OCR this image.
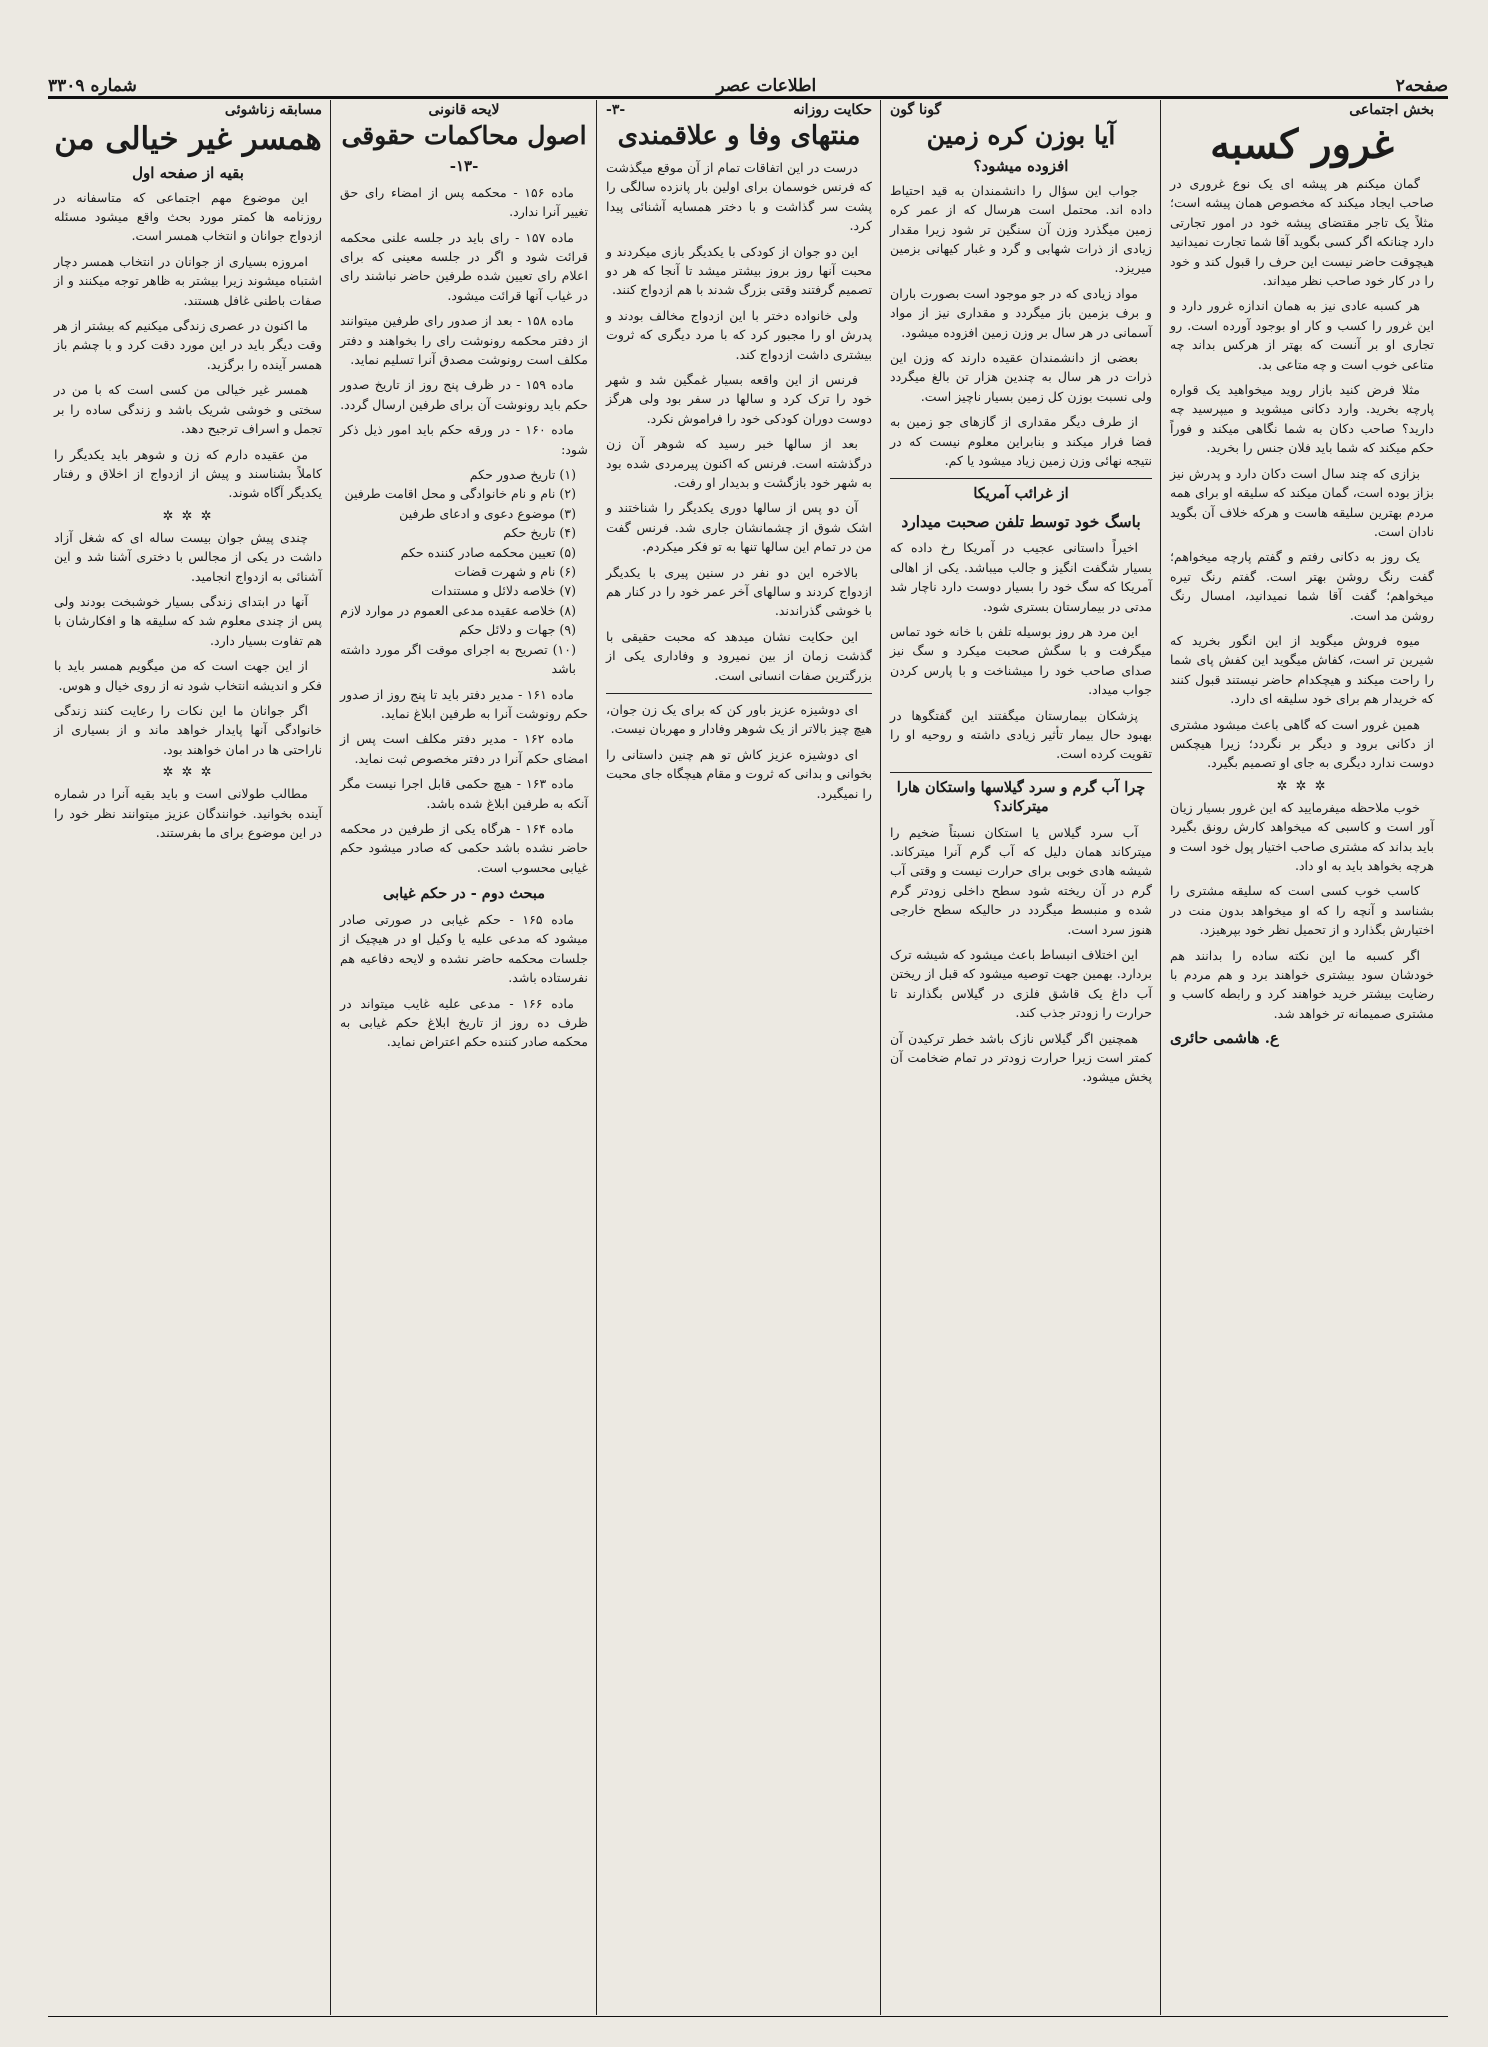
صفحه۲
اطلاعات عصر
شماره ۳۳۰۹
بخش اجتماعی
غرور کسبه

گمان میکنم هر پیشه ای یک نوع غروری در صاحب ایجاد میکند که مخصوص همان پیشه است؛ مثلاً یک تاجر مقتضای پیشه خود در امور تجارتی دارد چنانکه اگر کسی بگوید آقا شما تجارت نمیدانید هیچوقت حاضر نیست این حرف را قبول کند و خود را در کار خود صاحب نظر میداند.

هر کسبه عادی نیز به همان اندازه غرور دارد و این غرور را کسب و کار او بوجود آورده است. رو تجاری او بر آنست که بهتر از هرکس بداند چه متاعی خوب است و چه متاعی بد.

مثلا فرض کنید بازار روید میخواهید یک قواره پارچه بخرید. وارد دکانی میشوید و میپرسید چه دارید؟ صاحب دکان به شما نگاهی میکند و فوراً حکم میکند که شما باید فلان جنس را بخرید.

بزازی که چند سال است دکان دارد و پدرش نیز بزاز بوده است، گمان میکند که سلیقه او برای همه مردم بهترین سلیقه هاست و هرکه خلاف آن بگوید نادان است.

یک روز به دکانی رفتم و گفتم پارچه میخواهم؛ گفت رنگ روشن بهتر است. گفتم رنگ تیره میخواهم؛ گفت آقا شما نمیدانید، امسال رنگ روشن مد است.

میوه فروش میگوید از این انگور بخرید که شیرین تر است، کفاش میگوید این کفش پای شما را راحت میکند و هیچکدام حاضر نیستند قبول کنند که خریدار هم برای خود سلیقه ای دارد.

همین غرور است که گاهی باعث میشود مشتری از دکانی برود و دیگر بر نگردد؛ زیرا هیچکس دوست ندارد دیگری به جای او تصمیم بگیرد.

✲ ✲ ✲

خوب ملاحظه میفرمایید که این غرور بسیار زیان آور است و کاسبی که میخواهد کارش رونق بگیرد باید بداند که مشتری صاحب اختیار پول خود است و هرچه بخواهد باید به او داد.

کاسب خوب کسی است که سلیقه مشتری را بشناسد و آنچه را که او میخواهد بدون منت در اختیارش بگذارد و از تحمیل نظر خود بپرهیزد.

اگر کسبه ما این نکته ساده را بدانند هم خودشان سود بیشتری خواهند برد و هم مردم با رضایت بیشتر خرید خواهند کرد و رابطه کاسب و مشتری صمیمانه تر خواهد شد.

ع. هاشمی حائری
گونا گون
آیا بوزن کره زمین
افزوده میشود؟

جواب این سؤال را دانشمندان به قید احتیاط داده اند. محتمل است هرسال که از عمر کره زمین میگذرد وزن آن سنگین تر شود زیرا مقدار زیادی از ذرات شهابی و گرد و غبار کیهانی بزمین میریزد.

مواد زیادی که در جو موجود است بصورت باران و برف بزمین باز میگردد و مقداری نیز از مواد آسمانی در هر سال بر وزن زمین افزوده میشود.

بعضی از دانشمندان عقیده دارند که وزن این ذرات در هر سال به چندین هزار تن بالغ میگردد ولی نسبت بوزن کل زمین بسیار ناچیز است.

از طرف دیگر مقداری از گازهای جو زمین به فضا فرار میکند و بنابراین معلوم نیست که در نتیجه نهائی وزن زمین زیاد میشود یا کم.

از غرائب آمریکا
باسگ خود توسط تلفن صحبت میدارد

اخیراً داستانی عجیب در آمریکا رخ داده که بسیار شگفت انگیز و جالب میباشد. یکی از اهالی آمریکا که سگ خود را بسیار دوست دارد ناچار شد مدتی در بیمارستان بستری شود.

این مرد هر روز بوسیله تلفن با خانه خود تماس میگرفت و با سگش صحبت میکرد و سگ نیز صدای صاحب خود را میشناخت و با پارس کردن جواب میداد.

پزشکان بیمارستان میگفتند این گفتگوها در بهبود حال بیمار تأثیر زیادی داشته و روحیه او را تقویت کرده است.

چرا آب گرم و سرد گیلاسها واستکان هارا میترکاند؟

آب سرد گیلاس یا استکان نسبتاً ضخیم را میترکاند همان دلیل که آب گرم آنرا میترکاند. شیشه هادی خوبی برای حرارت نیست و وقتی آب گرم در آن ریخته شود سطح داخلی زودتر گرم شده و منبسط میگردد در حالیکه سطح خارجی هنوز سرد است.

این اختلاف انبساط باعث میشود که شیشه ترک بردارد. بهمین جهت توصیه میشود که قبل از ریختن آب داغ یک قاشق فلزی در گیلاس بگذارند تا حرارت را زودتر جذب کند.

همچنین اگر گیلاس نازک باشد خطر ترکیدن آن کمتر است زیرا حرارت زودتر در تمام ضخامت آن پخش میشود.

حکایت روزانه
-۳-
منتهای وفا و علاقمندی

درست در این اتفاقات تمام از آن موقع میگذشت که فرنس خوسمان برای اولین بار پانزده سالگی را پشت سر گذاشت و با دختر همسایه آشنائی پیدا کرد.

این دو جوان از کودکی با یکدیگر بازی میکردند و محبت آنها روز بروز بیشتر میشد تا آنجا که هر دو تصمیم گرفتند وقتی بزرگ شدند با هم ازدواج کنند.

ولی خانواده دختر با این ازدواج مخالف بودند و پدرش او را مجبور کرد که با مرد دیگری که ثروت بیشتری داشت ازدواج کند.

فرنس از این واقعه بسیار غمگین شد و شهر خود را ترک کرد و سالها در سفر بود ولی هرگز دوست دوران کودکی خود را فراموش نکرد.

بعد از سالها خبر رسید که شوهر آن زن درگذشته است. فرنس که اکنون پیرمردی شده بود به شهر خود بازگشت و بدیدار او رفت.

آن دو پس از سالها دوری یکدیگر را شناختند و اشک شوق از چشمانشان جاری شد. فرنس گفت من در تمام این سالها تنها به تو فکر میکردم.

بالاخره این دو نفر در سنین پیری با یکدیگر ازدواج کردند و سالهای آخر عمر خود را در کنار هم با خوشی گذراندند.

این حکایت نشان میدهد که محبت حقیقی با گذشت زمان از بین نمیرود و وفاداری یکی از بزرگترین صفات انسانی است.

ای دوشیزه عزیز باور کن که برای یک زن جوان، هیچ چیز بالاتر از یک شوهر وفادار و مهربان نیست.

ای دوشیزه عزیز کاش تو هم چنین داستانی را بخوانی و بدانی که ثروت و مقام هیچگاه جای محبت را نمیگیرد.

لایحه قانونی
اصول محاکمات حقوقی
-۱۳-

ماده ۱۵۶ - محکمه پس از امضاء رای حق تغییر آنرا ندارد.

ماده ۱۵۷ - رای باید در جلسه علنی محکمه قرائت شود و اگر در جلسه معینی که برای اعلام رای تعیین شده طرفین حاضر نباشند رای در غیاب آنها قرائت میشود.

ماده ۱۵۸ - بعد از صدور رای طرفین میتوانند از دفتر محکمه رونوشت رای را بخواهند و دفتر مکلف است رونوشت مصدق آنرا تسلیم نماید.

ماده ۱۵۹ - در ظرف پنج روز از تاریخ صدور حکم باید رونوشت آن برای طرفین ارسال گردد.

ماده ۱۶۰ - در ورقه حکم باید امور ذیل ذکر شود:

(۱) تاریخ صدور حکم
(۲) نام و نام خانوادگی و محل اقامت طرفین
(۳) موضوع دعوی و ادعای طرفین
(۴) تاریخ حکم
(۵) تعیین محکمه صادر کننده حکم
(۶) نام و شهرت قضات
(۷) خلاصه دلائل و مستندات
(۸) خلاصه عقیده مدعی العموم در موارد لازم
(۹) جهات و دلائل حکم
(۱۰) تصریح به اجرای موقت اگر مورد داشته باشد

ماده ۱۶۱ - مدیر دفتر باید تا پنج روز از صدور حکم رونوشت آنرا به طرفین ابلاغ نماید.

ماده ۱۶۲ - مدیر دفتر مکلف است پس از امضای حکم آنرا در دفتر مخصوص ثبت نماید.

ماده ۱۶۳ - هیچ حکمی قابل اجرا نیست مگر آنکه به طرفین ابلاغ شده باشد.

ماده ۱۶۴ - هرگاه یکی از طرفین در محکمه حاضر نشده باشد حکمی که صادر میشود حکم غیابی محسوب است.

مبحث دوم - در حکم غیابی

ماده ۱۶۵ - حکم غیابی در صورتی صادر میشود که مدعی علیه یا وکیل او در هیچیک از جلسات محکمه حاضر نشده و لایحه دفاعیه هم نفرستاده باشد.

ماده ۱۶۶ - مدعی علیه غایب میتواند در ظرف ده روز از تاریخ ابلاغ حکم غیابی به محکمه صادر کننده حکم اعتراض نماید.

مسابقه زناشوئی
همسر غیر خیالی من
بقیه از صفحه اول

این موضوع مهم اجتماعی که متاسفانه در روزنامه ها کمتر مورد بحث واقع میشود مسئله ازدواج جوانان و انتخاب همسر است.

امروزه بسیاری از جوانان در انتخاب همسر دچار اشتباه میشوند زیرا بیشتر به ظاهر توجه میکنند و از صفات باطنی غافل هستند.

ما اکنون در عصری زندگی میکنیم که بیشتر از هر وقت دیگر باید در این مورد دقت کرد و با چشم باز همسر آینده را برگزید.

همسر غیر خیالی من کسی است که با من در سختی و خوشی شریک باشد و زندگی ساده را بر تجمل و اسراف ترجیح دهد.

من عقیده دارم که زن و شوهر باید یکدیگر را کاملاً بشناسند و پیش از ازدواج از اخلاق و رفتار یکدیگر آگاه شوند.

✲ ✲ ✲

چندی پیش جوان بیست ساله ای که شغل آزاد داشت در یکی از مجالس با دختری آشنا شد و این آشنائی به ازدواج انجامید.

آنها در ابتدای زندگی بسیار خوشبخت بودند ولی پس از چندی معلوم شد که سلیقه ها و افکارشان با هم تفاوت بسیار دارد.

از این جهت است که من میگویم همسر باید با فکر و اندیشه انتخاب شود نه از روی خیال و هوس.

اگر جوانان ما این نکات را رعایت کنند زندگی خانوادگی آنها پایدار خواهد ماند و از بسیاری از ناراحتی ها در امان خواهند بود.

✲ ✲ ✲

مطالب طولانی است و باید بقیه آنرا در شماره آینده بخوانید. خوانندگان عزیز میتوانند نظر خود را در این موضوع برای ما بفرستند.
